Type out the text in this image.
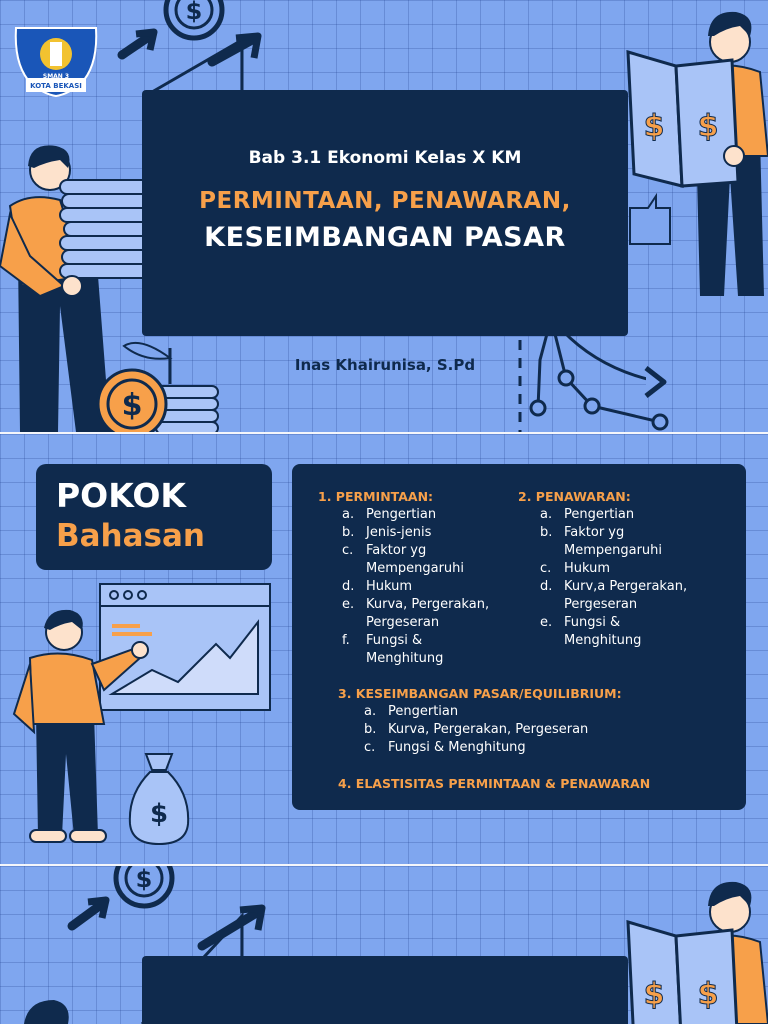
KOTA BEKASI
SMAN 3
$
$
$ $
Bab 3.1 Ekonomi Kelas X KM
PERMINTAAN, PENAWARAN,
KESEIMBANGAN PASAR
Inas Khairunisa, S.Pd
$
POKOK
Bahasan
1. PERMINTAAN:
a. Pengertian
b. Jenis-jenis
c. Faktor yg
Mempengaruhi
d. Hukum
e. Kurva, Pergerakan,
Pergeseran
f. Fungsi &
Menghitung
2. PENAWARAN:
a. Pengertian
b. Faktor yg
Mempengaruhi
c. Hukum
d. Kurv,a Pergerakan,
Pergeseran
e. Fungsi &
Menghitung
3. KESEIMBANGAN PASAR/EQUILIBRIUM:
a. Pengertian
b. Kurva, Pergerakan, Pergeseran
c. Fungsi & Menghitung
4. ELASTISITAS PERMINTAAN & PENAWARAN
$
$ $
